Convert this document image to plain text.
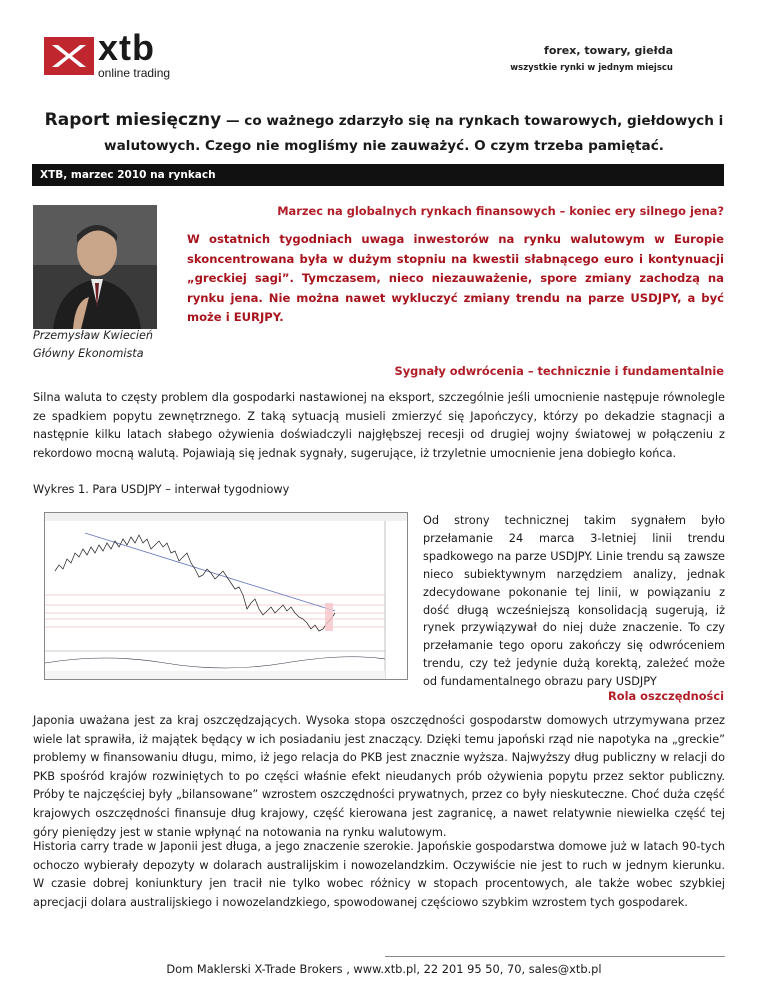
xtb
online trading
forex, towary, giełda
wszystkie rynki w jednym miejscu
Raport miesięczny — co ważnego zdarzyło się na rynkach towarowych, giełdowych i
walutowych. Czego nie mogliśmy nie zauważyć. O czym trzeba pamiętać.
XTB, marzec 2010 na rynkach
Marzec na globalnych rynkach finansowych – koniec ery silnego jena?
W ostatnich tygodniach uwaga inwestorów na rynku walutowym w Europie skoncentrowana była w dużym stopniu na kwestii słabnącego euro i kontynuacji „greckiej sagi”. Tymczasem, nieco niezauważenie, spore zmiany zachodzą na rynku jena. Nie można nawet wykluczyć zmiany trendu na parze USDJPY, a być może i EURJPY.
Przemysław Kwiecień
Główny Ekonomista
Sygnały odwrócenia – technicznie i fundamentalnie
Silna waluta to częsty problem dla gospodarki nastawionej na eksport, szczególnie jeśli umocnienie następuje równolegle ze spadkiem popytu zewnętrznego. Z taką sytuacją musieli zmierzyć się Japończycy, którzy po dekadzie stagnacji a następnie kilku latach słabego ożywienia doświadczyli najgłębszej recesji od drugiej wojny światowej w połączeniu z rekordowo mocną walutą. Pojawiają się jednak sygnały, sugerujące, iż trzyletnie umocnienie jena dobiegło końca.
Wykres 1. Para USDJPY – interwał tygodniowy
Od strony technicznej takim sygnałem było przełamanie 24 marca 3-letniej linii trendu spadkowego na parze USDJPY. Linie trendu są zawsze nieco subiektywnym narzędziem analizy, jednak zdecydowane pokonanie tej linii, w powiązaniu z dość długą wcześniejszą konsolidacją sugerują, iż rynek przywiązywał do niej duże znaczenie. To czy przełamanie tego oporu zakończy się odwróceniem trendu, czy też jedynie dużą korektą, zależeć może od fundamentalnego obrazu pary USDJPY
Rola oszczędności
Japonia uważana jest za kraj oszczędzających. Wysoka stopa oszczędności gospodarstw domowych utrzymywana przez wiele lat sprawiła, iż majątek będący w ich posiadaniu jest znaczący. Dzięki temu japoński rząd nie napotyka na „greckie” problemy w finansowaniu długu, mimo, iż jego relacja do PKB jest znacznie wyższa. Najwyższy dług publiczny w relacji do PKB spośród krajów rozwiniętych to po części właśnie efekt nieudanych prób ożywienia popytu przez sektor publiczny. Próby te najczęściej były „bilansowane” wzrostem oszczędności prywatnych, przez co były nieskuteczne. Choć duża część krajowych oszczędności finansuje dług krajowy, część kierowana jest zagranicę, a nawet relatywnie niewielka część tej góry pieniędzy jest w stanie wpłynąć na notowania na rynku walutowym.
Historia carry trade w Japonii jest długa, a jego znaczenie szerokie. Japońskie gospodarstwa domowe już w latach 90-tych ochoczo wybierały depozyty w dolarach australijskim i nowozelandzkim. Oczywiście nie jest to ruch w jednym kierunku. W czasie dobrej koniunktury jen tracił nie tylko wobec różnicy w stopach procentowych, ale także wobec szybkiej aprecjacji dolara australijskiego i nowozelandzkiego, spowodowanej częściowo szybkim wzrostem tych gospodarek.
Dom Maklerski X-Trade Brokers , www.xtb.pl, 22 201 95 50, 70, sales@xtb.pl
